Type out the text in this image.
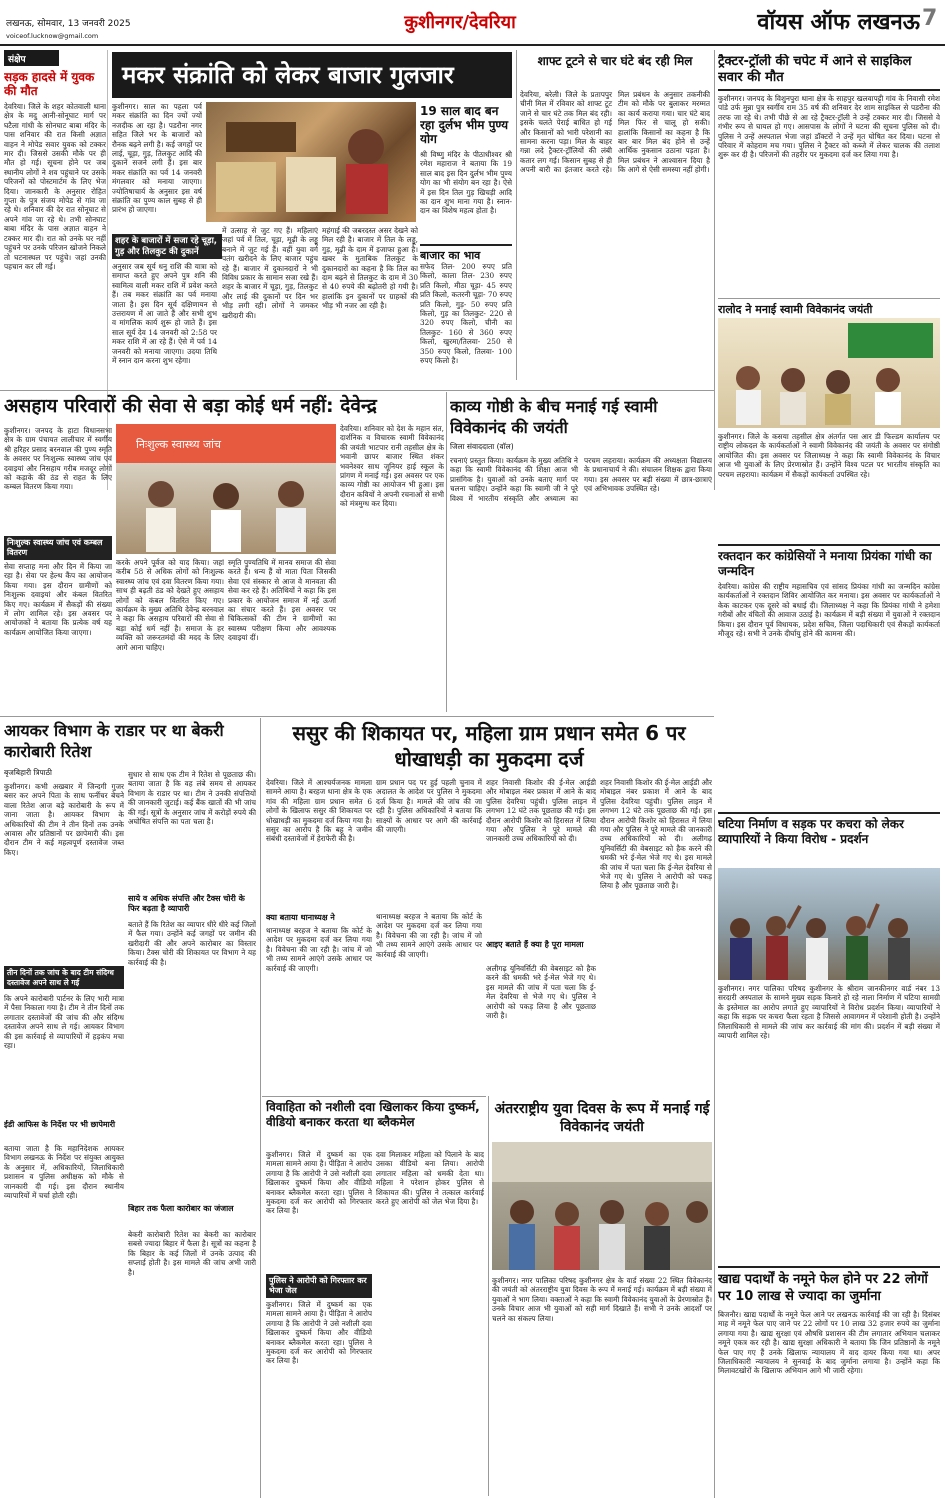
लखनऊ, सोमवार, 13 जनवरी 2025
voiceof.lucknow@gmail.com
कुशीनगर/देवरिया	वॉयस ऑफ लखनऊ 7
संक्षेप
सड़क हादसे में युवक की मौत
देवरिया। जिले के शहर कोतवाली थाना क्षेत्र के मदु आनी-सोनूघाट मार्ग पर घटैला गांधी के सोनघाट बाबा मंदिर के पास शनिवार की रात किसी अज्ञात वाहन ने मोपेड सवार युवक को टक्कर मार दी। जिससे उसकी मौके पर ही मौत हो गई। सूचना होने पर जब स्थानीय लोगों ने शव पहुंचाने पर उसके परिजनों को पोस्टमार्टम के लिए भेज दिया। जानकारी के अनुसार रोहित गुप्ता के पुत्र संजय मोपेड से गांव जा रहे थे। शनिवार की देर रात सोनूघाट से अपने गांव जा रहे थे। तभी सोनघाट बाबा मंदिर के पास अज्ञात वाहन ने टक्कर मार दी। रात को उनके घर नहीं पहुंचने पर उनके परिजन खोजने निकले तो घटनास्थल पर पहुंचे। जहां उनकी पहचान कर ली गई।
मकर संक्रांति को लेकर बाजार गुलजार
कुशीनगर। साल का पहला पर्व मकर संक्रांति का दिन ज्यों ज्यों नजदीक आ रहा है। पडरौना नगर सहित जिले भर के बाजारों को रौनक बढ़ने लगी है। कई जगहों पर लाई, चूड़ा, गुड़, तिलकुट आदि की दुकानें सजने लगी हैं। इस बार मकर संक्रांति का पर्व 14 जनवरी मंगलवार को मनाया जाएगा। ज्योतिषाचार्य के अनुसार इस वर्ष संक्रांति का पुण्य काल सुबह से ही प्रारंभ हो जाएगा।
शहर के बाजारों में सजा रहे चूड़ा, गुड़ और तिलकुट की दुकानें
अनुसार जब सूर्य धनु राशि की यात्रा को समाप्त करते हुए अपने पुत्र शनि की स्वामित्व वाली मकर राशि में प्रवेश करते हैं। तब मकर संक्रांति का पर्व मनाया जाता है। इस दिन सूर्य दक्षिणायन से उत्तरायण में आ जाते हैं और सभी शुभ व मांगलिक कार्य शुरू हो जाते हैं। इस साल सूर्य देव 14 जनवरी को 2:58 पर मकर राशि में आ रहे हैं। ऐसे में पर्व 14 जनवरी को मनाया जाएगा। उदया तिथि में स्नान दान करना शुभ रहेगा।
में उत्साह से जुट गए हैं। महिलाएं जहां पर्व में तिल, चूड़ा, मूढ़ी के लड्डू बनाने में जुट गई हैं। वहीं युवा वर्ग पतंग खरीदने के लिए बाजार पहुंच रहे हैं। बाजार में दुकानदारों ने भी विविध प्रकार के सामान सजा रखे हैं। शहर के बाजार में चूड़ा, गुड़, तिलकुट और लाई की दुकानों पर दिन भर भीड़ लगी रही। लोगों ने जमकर खरीदारी की।
महंगाई की जबरदस्त असर देखने को मिल रही है। बाजार में तिल के लड्डू, गुड़, मूढ़ी के दाम में इजाफा हुआ है। खबर के मुताबिक तिलकुट के दुकानदारों का कहना है कि तिल का दाम बढ़ने से तिलकुट के दाम में 30 से 40 रुपये की बढ़ोतरी हो गयी है। हालांकि इन दुकानों पर ग्राहकों की भीड़ भी नजर आ रही है।
19 साल बाद बन रहा दुर्लभ भीम पुण्य योग
श्री विष्णु मंदिर के पीठाधीश्वर श्री रमेश महाराज ने बताया कि 19 साल बाद इस दिन दुर्लभ भीम पुण्य योग का भी संयोग बन रहा है। ऐसे में इस दिन तिल गुड़ खिचड़ी आदि का दान शुभ माना गया है। स्नान-दान का विशेष महत्व होता है।
बाजार का भाव
सफेद तिल- 200 रुपए प्रति किलो, काला तिल- 230 रुपए प्रति किलो, मीठा चूड़ा- 45 रुपए प्रति किलो, कतरनी चूड़ा- 70 रुपए प्रति किलो, गुड़- 50 रुपए प्रति किलो, गुड़ का तिलकुट- 220 से 320 रुपए किलो, चीनी का तिलकुट- 160 से 360 रुपए किलो, खुरमा/तिलवा- 250 से 350 रुपए किलो, तिलवा- 100 रुपए किलो है।
शाफ्ट टूटने से चार घंटे बंद रही मिल
देवरिया, बरेली। जिले के प्रतापपुर चीनी मिल में रविवार को शाफ्ट टूट जाने से चार घंटे तक मिल बंद रही। इसके चलते पेराई बाधित हो गई और किसानों को भारी परेशानी का सामना करना पड़ा। मिल के बाहर गन्ना लदे ट्रैक्टर-ट्रॉलियों की लंबी कतार लग गई। किसान सुबह से ही अपनी बारी का इंतजार करते रहे। मिल प्रबंधन के अनुसार तकनीकी टीम को मौके पर बुलाकर मरम्मत का कार्य कराया गया। चार घंटे बाद मिल फिर से चालू हो सकी। हालांकि किसानों का कहना है कि बार बार मिल बंद होने से उन्हें आर्थिक नुकसान उठाना पड़ता है। मिल प्रबंधन ने आश्वासन दिया है कि आगे से ऐसी समस्या नहीं होगी।
ट्रैक्टर-ट्रॉली की चपेट में आने से साइकिल सवार की मौत
कुशीनगर। जनपद के विशुनपुरा थाना क्षेत्र के साहपुर खलवापट्टी गांव के निवासी रमेश पांडे उर्फ मुन्ना पुत्र स्वर्गीय राम 35 वर्ष की शनिवार देर शाम साइकिल से पडरौना की तरफ जा रहे थे। तभी पीछे से आ रहे ट्रैक्टर-ट्रॉली ने उन्हें टक्कर मार दी। जिससे वे गंभीर रूप से घायल हो गए। आसपास के लोगों ने घटना की सूचना पुलिस को दी। पुलिस ने उन्हें अस्पताल भेजा जहां डॉक्टरों ने उन्हें मृत घोषित कर दिया। घटना से परिवार में कोहराम मच गया। पुलिस ने ट्रैक्टर को कब्जे में लेकर चालक की तलाश शुरू कर दी है। परिजनों की तहरीर पर मुकदमा दर्ज कर लिया गया है।
रालोद ने मनाई स्वामी विवेकानंद जयंती
कुशीनगर। जिले के कसया तहसील क्षेत्र अंतर्गत पस आर डी फिल्डम कार्यालय पर राष्ट्रीय लोकदल के कार्यकर्ताओं ने स्वामी विवेकानंद की जयंती के अवसर पर संगोष्ठी आयोजित की। इस अवसर पर जिलाध्यक्ष ने कहा कि स्वामी विवेकानंद के विचार आज भी युवाओं के लिए प्रेरणास्रोत हैं। उन्होंने विश्व पटल पर भारतीय संस्कृति का परचम लहराया। कार्यक्रम में सैकड़ों कार्यकर्ता उपस्थित रहे।
असहाय परिवारों की सेवा से बड़ा कोई धर्म नहीं: देवेन्द्र
कुशीनगर। जनपद के हाटा विधानसभा क्षेत्र के ग्राम पंचायत लालीचार में स्वर्गीय श्री हरिहर प्रसाद बरनवाल की पुण्य स्मृति के अवसर पर निःशुल्क स्वास्थ्य जांच एवं दवाइयां और निसहाय गरीब मजदूर लोगों को कड़ाके की ठंड से राहत के लिए कम्बल वितरण किया गया।
निःशुल्क स्वास्थ्य जांच
निःशुल्क स्वास्थ्य जांच एवं कम्बल वितरण
सेवा सप्ताह मना और दिन में किया जा रहा है। सेवा पर हेल्थ कैंप का आयोजन किया गया। इस दौरान ग्रामीणों को निःशुल्क दवाइयां और कंबल वितरित किए गए। कार्यक्रम में सैकड़ों की संख्या में लोग शामिल रहे। इस अवसर पर आयोजकों ने बताया कि प्रत्येक वर्ष यह कार्यक्रम आयोजित किया जाएगा।
करके अपने पूर्वज को याद किया। जहां करीब 58 से अधिक लोगों को निःशुल्क स्वास्थ्य जांच एवं दवा वितरण किया गया। साथ ही बढ़ती ठंड को देखते हुए असहाय लोगों को कंबल वितरित किए गए। कार्यक्रम के मुख्य अतिथि देवेन्द्र बरनवाल ने कहा कि असहाय परिवारों की सेवा से बड़ा कोई धर्म नहीं है। समाज के हर व्यक्ति को जरूरतमंदों की मदद के लिए आगे आना चाहिए।
स्मृति पुण्यतिथि में मानव समाज की सेवा करते हैं। धन्य हैं वो माता पिता जिसकी सेवा एवं संस्कार से आज वे मानवता की सेवा कर रहे हैं। अतिथियों ने कहा कि इस प्रकार के आयोजन समाज में नई ऊर्जा का संचार करते हैं। इस अवसर पर चिकित्सकों की टीम ने ग्रामीणों का स्वास्थ्य परीक्षण किया और आवश्यक दवाइयां दीं।
काव्य गोष्ठी के बीच मनाई गई स्वामी विवेकानंद की जयंती
जिला संवाददाता (वॉल)
देवरिया। शनिवार को देश के महान संत, दार्शनिक व विचारक स्वामी विवेकानंद की जयंती भाटपार रानी तहसील क्षेत्र के भवानी छापर बाजार स्थित शंकर भवनेश्वर साथ जूनियर हाई स्कूल के प्रांगण में मनाई गई। इस अवसर पर एक काव्य गोष्ठी का आयोजन भी हुआ। इस दौरान कवियों ने अपनी रचनाओं से सभी को मंत्रमुग्ध कर दिया।
रचनाएं प्रस्तुत किया। कार्यक्रम के मुख्य अतिथि ने कहा कि स्वामी विवेकानंद की शिक्षा आज भी प्रासंगिक है। युवाओं को उनके बताए मार्ग पर चलना चाहिए। उन्होंने कहा कि स्वामी जी ने पूरे विश्व में भारतीय संस्कृति और अध्यात्म का परचम लहराया। कार्यक्रम की अध्यक्षता विद्यालय के प्रधानाचार्य ने की। संचालन शिक्षक द्वारा किया गया। इस अवसर पर बड़ी संख्या में छात्र-छात्राएं एवं अभिभावक उपस्थित रहे।
रक्तदान कर कांग्रेसियों ने मनाया प्रियंका गांधी का जन्मदिन
देवरिया। कांग्रेस की राष्ट्रीय महासचिव एवं सांसद प्रियंका गांधी का जन्मदिन कांग्रेस कार्यकर्ताओं ने रक्तदान शिविर आयोजित कर मनाया। इस अवसर पर कार्यकर्ताओं ने केक काटकर एक दूसरे को बधाई दी। जिलाध्यक्ष ने कहा कि प्रियंका गांधी ने हमेशा गरीबों और वंचितों की आवाज उठाई है। कार्यक्रम में बड़ी संख्या में युवाओं ने रक्तदान किया। इस दौरान पूर्व विधायक, प्रदेश सचिव, जिला पदाधिकारी एवं सैकड़ों कार्यकर्ता मौजूद रहे। सभी ने उनके दीर्घायु होने की कामना की।
आयकर विभाग के राडार पर था बेकरी कारोबारी रितेश
बृजबिहारी त्रिपाठी
कुशीनगर। कभी अखबार में जिन्दगी गुजर बसर कर अपने पिता के साथ फर्नीचर बेचने वाला रितेश आज बड़े कारोबारी के रूप में जाना जाता है। आयकर विभाग के अधिकारियों की टीम ने तीन दिनों तक उनके आवास और प्रतिष्ठानों पर छापेमारी की। इस दौरान टीम ने कई महत्वपूर्ण दस्तावेज जब्त किए।
तीन दिनों तक जांच के बाद टीम संदिग्ध दस्तावेज अपने साथ ले गई
कि अपने कारोबारी पार्टनर के लिए भारी मात्रा में पैसा निकाला गया है। टीम ने तीन दिनों तक लगातार दस्तावेजों की जांच की और संदिग्ध दस्तावेज अपने साथ ले गई। आयकर विभाग की इस कार्रवाई से व्यापारियों में हड़कंप मचा रहा।
ईडी आफिस के निर्देश पर भी छापेमारी
बताया जाता है कि महानिदेशक आयकर विभाग लखनऊ के निर्देश पर संयुक्त आयुक्त के अनुसार में, अधिकारियों, जिलाधिकारी प्रशासन व पुलिस अधीक्षक को मौके से जानकारी दी गई। इस दौरान स्थानीय व्यापारियों में चर्चा होती रही।
सुधार से साथ एक टीम ने रितेश से पूछताछ की। बताया जाता है कि वह लंबे समय से आयकर विभाग के राडार पर था। टीम ने उनकी संपत्तियों की जानकारी जुटाई। कई बैंक खातों की भी जांच की गई। सूत्रों के अनुसार जांच में करोड़ों रुपये की अघोषित संपत्ति का पता चला है।
साये व अधिक संपत्ति और टैक्स चोरी के फिर बढ़ता है व्यापारी
बताते हैं कि रितेश का व्यापार धीरे धीरे कई जिलों में फैल गया। उन्होंने कई जगहों पर जमीन की खरीदारी की और अपने कारोबार का विस्तार किया। टैक्स चोरी की शिकायत पर विभाग ने यह कार्रवाई की है।
बिहार तक फैला कारोबार का जंजाल
बेकरी कारोबारी रितेश का बेकरी का कारोबार सबसे ज्यादा बिहार में फैला है। सूत्रों का कहना है कि बिहार के कई जिलों में उनके उत्पाद की सप्लाई होती है। इस मामले की जांच अभी जारी है।
ससुर की शिकायत पर, महिला ग्राम प्रधान समेत 6 पर धोखाधड़ी का मुकदमा दर्ज
देवरिया। जिले में आश्चर्यजनक मामला सामने आया है। बरहज थाना क्षेत्र के एक गांव की महिला ग्राम प्रधान समेत 6 लोगों के खिलाफ ससुर की शिकायत पर धोखाधड़ी का मुकदमा दर्ज किया गया है। ससुर का आरोप है कि बहू ने जमीन संबंधी दस्तावेजों में हेराफेरी की है।
ग्राम प्रधान पद पर हुई पहली चुनाव में अदालत के आदेश पर पुलिस ने मुकदमा दर्ज किया है। मामले की जांच की जा रही है। पुलिस अधिकारियों ने बताया कि साक्ष्यों के आधार पर आगे की कार्रवाई की जाएगी।
क्या बताया थानाध्यक्ष ने
थानाध्यक्ष बरहज ने बताया कि कोर्ट के आदेश पर मुकदमा दर्ज कर लिया गया है। विवेचना की जा रही है। जांच में जो भी तथ्य सामने आएंगे उसके आधार पर कार्रवाई की जाएगी।
शहर निवासी किशोर की ई-मेल आईडी और मोबाइल नंबर प्रकाश में आने के बाद पुलिस देवरिया पहुंची। पुलिस लाइन में लगभग 12 घंटे तक पूछताछ की गई। इस दौरान आरोपी किशोर को हिरासत में लिया गया और पुलिस ने पूरे मामले की जानकारी उच्च अधिकारियों को दी।
आइए बताते हैं क्या है पूरा मामला
अलीगढ़ यूनिवर्सिटी की वेबसाइट को हैक करने की धमकी भरे ई-मेल भेजे गए थे। इस मामले की जांच में पता चला कि ई-मेल देवरिया से भेजे गए थे। पुलिस ने आरोपी को पकड़ लिया है और पूछताछ जारी है।
थानाध्यक्ष बरहज ने बताया कि कोर्ट के आदेश पर मुकदमा दर्ज कर लिया गया है। विवेचना की जा रही है। जांच में जो भी तथ्य सामने आएंगे उसके आधार पर कार्रवाई की जाएगी।
शहर निवासी किशोर की ई-मेल आईडी और मोबाइल नंबर प्रकाश में आने के बाद पुलिस देवरिया पहुंची। पुलिस लाइन में लगभग 12 घंटे तक पूछताछ की गई। इस दौरान आरोपी किशोर को हिरासत में लिया गया और पुलिस ने पूरे मामले की जानकारी उच्च अधिकारियों को दी। अलीगढ़ यूनिवर्सिटी की वेबसाइट को हैक करने की धमकी भरे ई-मेल भेजे गए थे। इस मामले की जांच में पता चला कि ई-मेल देवरिया से भेजे गए थे। पुलिस ने आरोपी को पकड़ लिया है और पूछताछ जारी है।
विवाहिता को नशीली दवा खिलाकर किया दुष्कर्म, वीडियो बनाकर करता था ब्लैकमेल
कुशीनगर। जिले में दुष्कर्म का एक मामला सामने आया है। पीड़िता ने आरोप लगाया है कि आरोपी ने उसे नशीली दवा खिलाकर दुष्कर्म किया और वीडियो बनाकर ब्लैकमेल करता रहा। पुलिस ने मुकदमा दर्ज कर आरोपी को गिरफ्तार कर लिया है।
पुलिस ने आरोपी को गिरफ्तार कर भेजा जेल
दवा मिलाकर महिला को पिलाने के बाद उसका वीडियो बना लिया। आरोपी लगातार महिला को धमकी देता था। महिला ने परेशान होकर पुलिस से शिकायत की। पुलिस ने तत्काल कार्रवाई करते हुए आरोपी को जेल भेज दिया है।
कुशीनगर। जिले में दुष्कर्म का एक मामला सामने आया है। पीड़िता ने आरोप लगाया है कि आरोपी ने उसे नशीली दवा खिलाकर दुष्कर्म किया और वीडियो बनाकर ब्लैकमेल करता रहा। पुलिस ने मुकदमा दर्ज कर आरोपी को गिरफ्तार कर लिया है।
अंतरराष्ट्रीय युवा दिवस के रूप में मनाई गई विवेकानंद जयंती
कुशीनगर। नगर पालिका परिषद कुशीनगर क्षेत्र के वार्ड संख्या 22 स्थित विवेकानंद की जयंती को अंतरराष्ट्रीय युवा दिवस के रूप में मनाई गई। कार्यक्रम में बड़ी संख्या में युवाओं ने भाग लिया। वक्ताओं ने कहा कि स्वामी विवेकानंद युवाओं के प्रेरणास्रोत हैं। उनके विचार आज भी युवाओं को सही मार्ग दिखाते हैं। सभी ने उनके आदर्शों पर चलने का संकल्प लिया।
घटिया निर्माण व सड़क पर कचरा को लेकर व्यापारियों ने किया विरोध - प्रदर्शन
कुशीनगर। नगर पालिका परिषद कुशीनगर के श्रीराम जानकीनगर वार्ड नंबर 13 सरदारी अस्पताल के सामने मुख्य सड़क किनारे हो रहे नाला निर्माण में घटिया सामग्री के इस्तेमाल का आरोप लगाते हुए व्यापारियों ने विरोध प्रदर्शन किया। व्यापारियों ने कहा कि सड़क पर कचरा फैला रहता है जिससे आवागमन में परेशानी होती है। उन्होंने जिलाधिकारी से मामले की जांच कर कार्रवाई की मांग की। प्रदर्शन में बड़ी संख्या में व्यापारी शामिल रहे।
खाद्य पदार्थों के नमूने फेल होने पर 22 लोगों पर 10 लाख से ज्यादा का जुर्माना
बिजनौर। खाद्य पदार्थों के नमूने फेल आने पर लखनऊ कार्रवाई की जा रही है। दिसंबर माह में नमूने फेल पाए जाने पर 22 लोगों पर 10 लाख 32 हजार रुपये का जुर्माना लगाया गया है। खाद्य सुरक्षा एवं औषधि प्रशासन की टीम लगातार अभियान चलाकर नमूने एकत्र कर रही है। खाद्य सुरक्षा अधिकारी ने बताया कि जिन प्रतिष्ठानों के नमूने फेल पाए गए हैं उनके खिलाफ न्यायालय में वाद दायर किया गया था। अपर जिलाधिकारी न्यायालय ने सुनवाई के बाद जुर्माना लगाया है। उन्होंने कहा कि मिलावटखोरों के खिलाफ अभियान आगे भी जारी रहेगा।
